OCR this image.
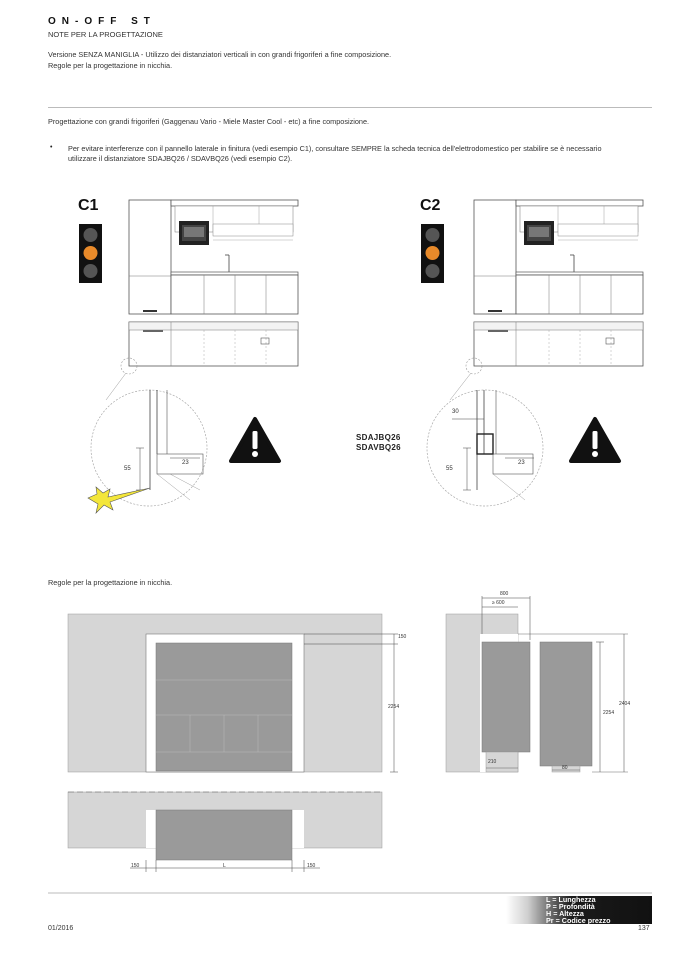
ON-OFF ST
NOTE PER LA PROGETTAZIONE
Versione SENZA MANIGLIA - Utilizzo dei distanziatori verticali in con grandi frigoriferi a fine composizione.
Regole per la progettazione in nicchia.
Progettazione con grandi frigoriferi (Gaggenau Vario - Miele Master Cool - etc) a fine composizione.
• Per evitare interferenze con il pannello laterale in finitura (vedi esempio C1), consultare SEMPRE la scheda tecnica dell'elettrodomestico per stabilire se è necessario
utilizzare il distanziatore SDAJBQ26 / SDAVBQ26 (vedi esempio C2).
C1	C2
55
23
30
55
23
SDAJBQ26
SDAVBQ26
Regole per la progettazione in nicchia.
150
2254
800
≥ 600
2254
2404
210
80
150	L	150
L = Lunghezza
P = Profondità
H = Altezza
Pr = Codice prezzo
01/2016	137
